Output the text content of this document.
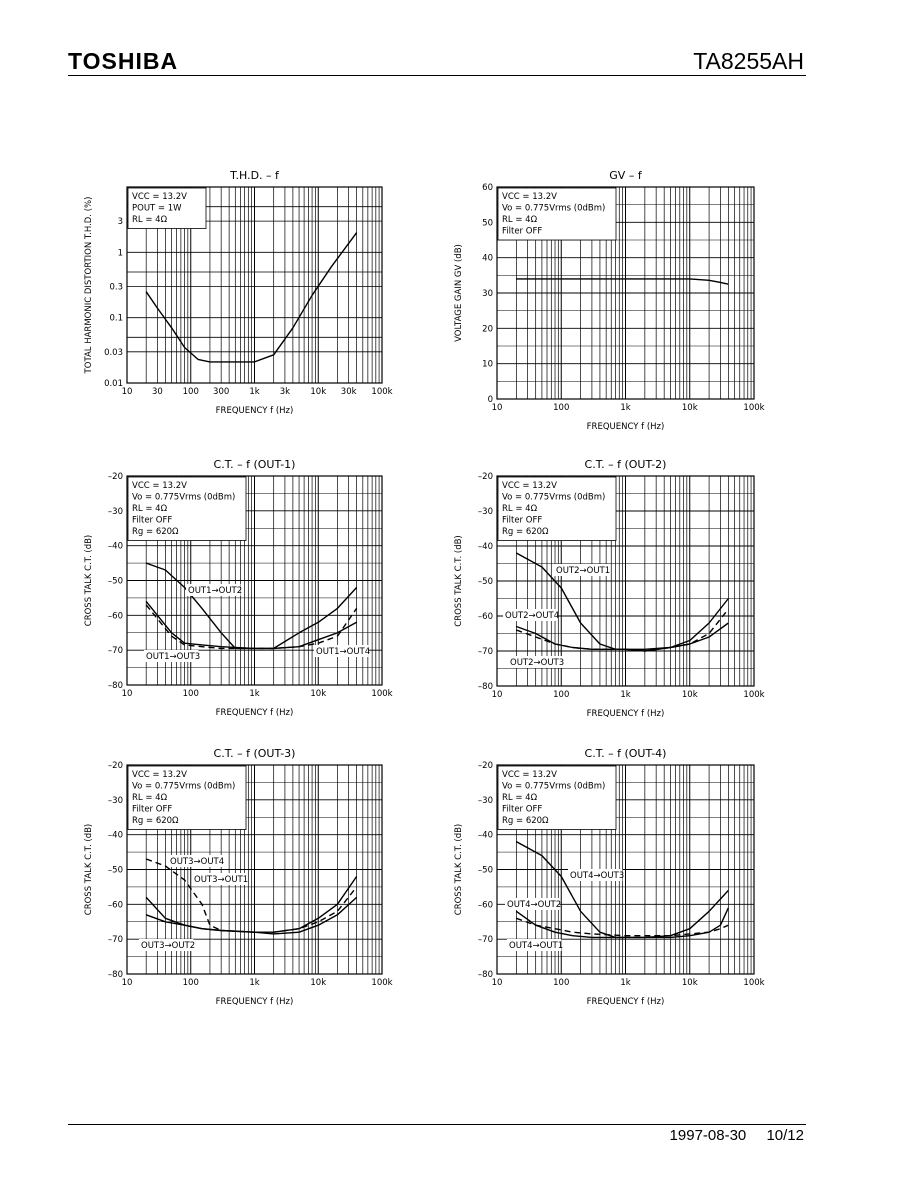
TOSHIBA	TA8255AH
T.H.D. – f
VCC = 13.2V
POUT = 1W
RL = 4Ω
10 30 100 300 1k 3k 10k 30k 100k
0.01
0.03
0.1
0.3
1
3
FREQUENCY f (Hz)
TOTAL HARMONIC DISTORTION T.H.D. (%)
GV – f
VCC = 13.2V
Vo = 0.775Vrms (0dBm)
RL = 4Ω
Filter OFF
10	100	1k	10k	100k
0
10
20
30
40
50
60
FREQUENCY f (Hz)
VOLTAGE GAIN GV (dB)
C.T. – f (OUT-1)
VCC = 13.2V
Vo = 0.775Vrms (0dBm)
RL = 4Ω
Filter OFF
Rg = 620Ω
10	100	1k	10k	100k
–80
–70
–60
–50
–40
–30
–20
FREQUENCY f (Hz)
CROSS TALK C.T. (dB)	OUT1→OUT2
OUT1→OUT3	OUT1→OUT4
C.T. – f (OUT-2)
VCC = 13.2V
Vo = 0.775Vrms (0dBm)
RL = 4Ω
Filter OFF
Rg = 620Ω
10	100	1k	10k	100k
–80
–70
–60
–50
–40
–30
–20
FREQUENCY f (Hz)
CROSS TALK C.T. (dB)	OUT2→OUT1
OUT2→OUT4
OUT2→OUT3
C.T. – f (OUT-3)
VCC = 13.2V
Vo = 0.775Vrms (0dBm)
RL = 4Ω
Filter OFF
Rg = 620Ω
10	100	1k	10k	100k
–80
–70
–60
–50
–40
–30
–20
FREQUENCY f (Hz)
CROSS TALK C.T. (dB)	OUT3→OUT4
OUT3→OUT1
OUT3→OUT2
C.T. – f (OUT-4)
VCC = 13.2V
Vo = 0.775Vrms (0dBm)
RL = 4Ω
Filter OFF
Rg = 620Ω
10	100	1k	10k	100k
–80
–70
–60
–50
–40
–30
–20
FREQUENCY f (Hz)
CROSS TALK C.T. (dB)	OUT4→OUT3
OUT4→OUT2
OUT4→OUT1
1997-08-30 10/12
